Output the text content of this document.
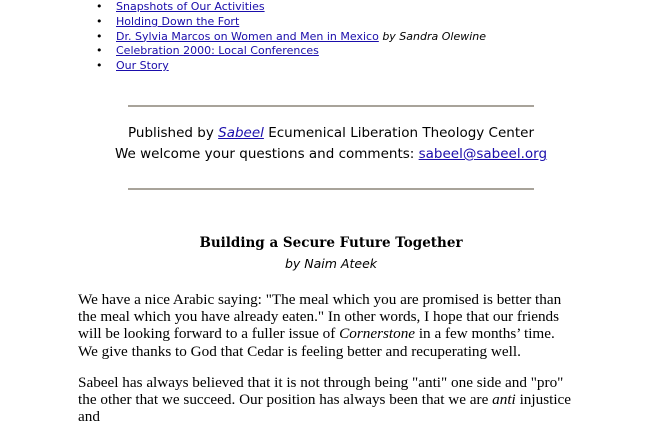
• Snapshots of Our Activities
• Holding Down the Fort
• Dr. Sylvia Marcos on Women and Men in Mexico by Sandra Olewine
• Celebration 2000: Local Conferences
• Our Story
Published by Sabeel Ecumenical Liberation Theology Center
We welcome your questions and comments: sabeel@sabeel.org
Building a Secure Future Together
by Naim Ateek

We have a nice Arabic saying: "The meal which you are promised is better than the meal which you have already eaten." In other words, I hope that our friends will be looking forward to a fuller issue of Cornerstone in a few months’ time. We give thanks to God that Cedar is feeling better and recuperating well.

Sabeel has always believed that it is not through being "anti" one side and "pro" the other that we succeed. Our position has always been that we are anti injustice and
